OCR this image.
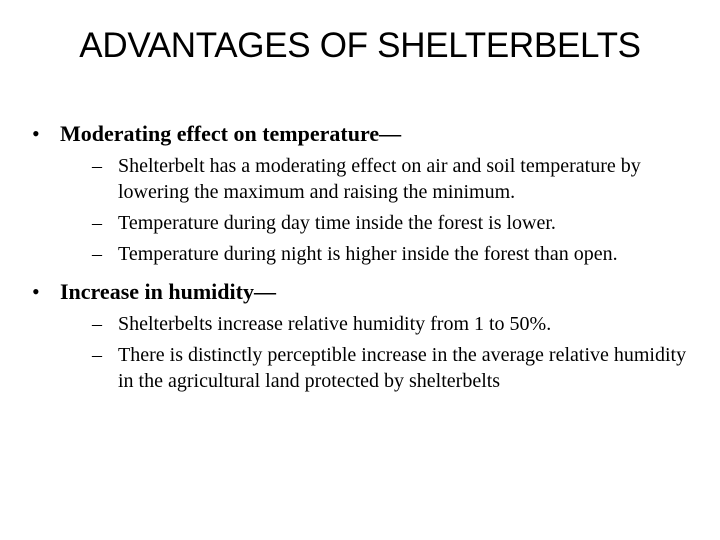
ADVANTAGES OF SHELTERBELTS
• Moderating effect on temperature—
– Shelterbelt has a moderating effect on air and soil temperature by lowering the maximum and raising the minimum.
– Temperature during day time inside the forest is lower.
– Temperature during night is higher inside the forest than open.
• Increase in humidity—
– Shelterbelts increase relative humidity from 1 to 50%.
– There is distinctly perceptible increase in the average relative humidity in the agricultural land protected by shelterbelts
